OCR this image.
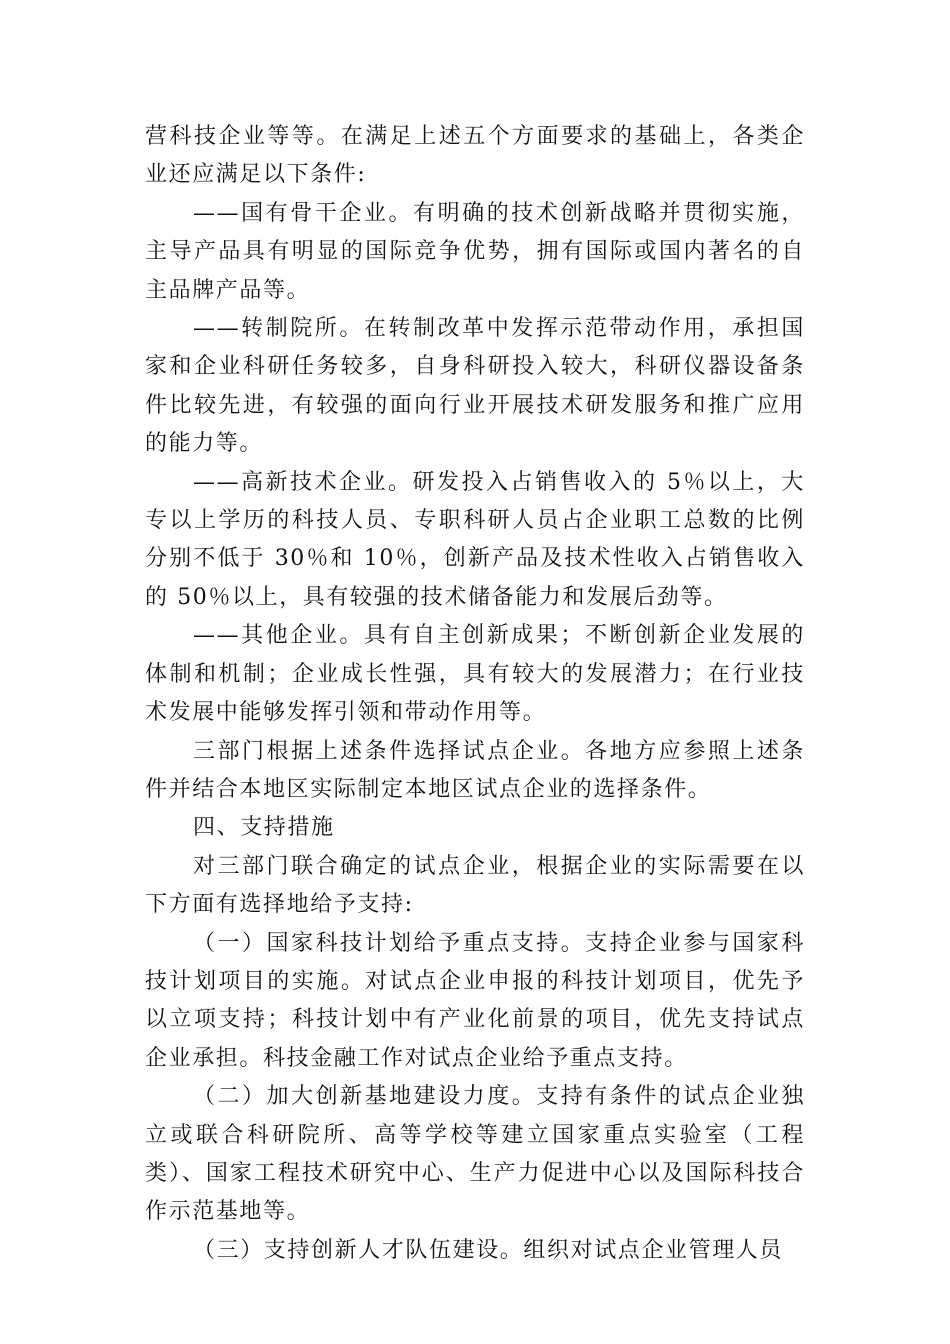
营科技企业等等。在满足上述五个方面要求的基础上，各类企业还应满足以下条件:

——国有骨干企业。有明确的技术创新战略并贯彻实施，主导产品具有明显的国际竞争优势，拥有国际或国内著名的自主品牌产品等。

——转制院所。在转制改革中发挥示范带动作用，承担国家和企业科研任务较多，自身科研投入较大，科研仪器设备条件比较先进，有较强的面向行业开展技术研发服务和推广应用的能力等。

——高新技术企业。研发投入占销售收入的 5％以上，大专以上学历的科技人员、专职科研人员占企业职工总数的比例分别不低于 30％和 10％，创新产品及技术性收入占销售收入的 50％以上，具有较强的技术储备能力和发展后劲等。

——其他企业。具有自主创新成果；不断创新企业发展的体制和机制；企业成长性强，具有较大的发展潜力；在行业技术发展中能够发挥引领和带动作用等。

三部门根据上述条件选择试点企业。各地方应参照上述条件并结合本地区实际制定本地区试点企业的选择条件。

四、支持措施

对三部门联合确定的试点企业，根据企业的实际需要在以下方面有选择地给予支持:

（一）国家科技计划给予重点支持。支持企业参与国家科技计划项目的实施。对试点企业申报的科技计划项目，优先予以立项支持；科技计划中有产业化前景的项目，优先支持试点企业承担。科技金融工作对试点企业给予重点支持。

（二）加大创新基地建设力度。支持有条件的试点企业独立或联合科研院所、高等学校等建立国家重点实验室（工程类）、国家工程技术研究中心、生产力促进中心以及国际科技合作示范基地等。

（三）支持创新人才队伍建设。组织对试点企业管理人员
